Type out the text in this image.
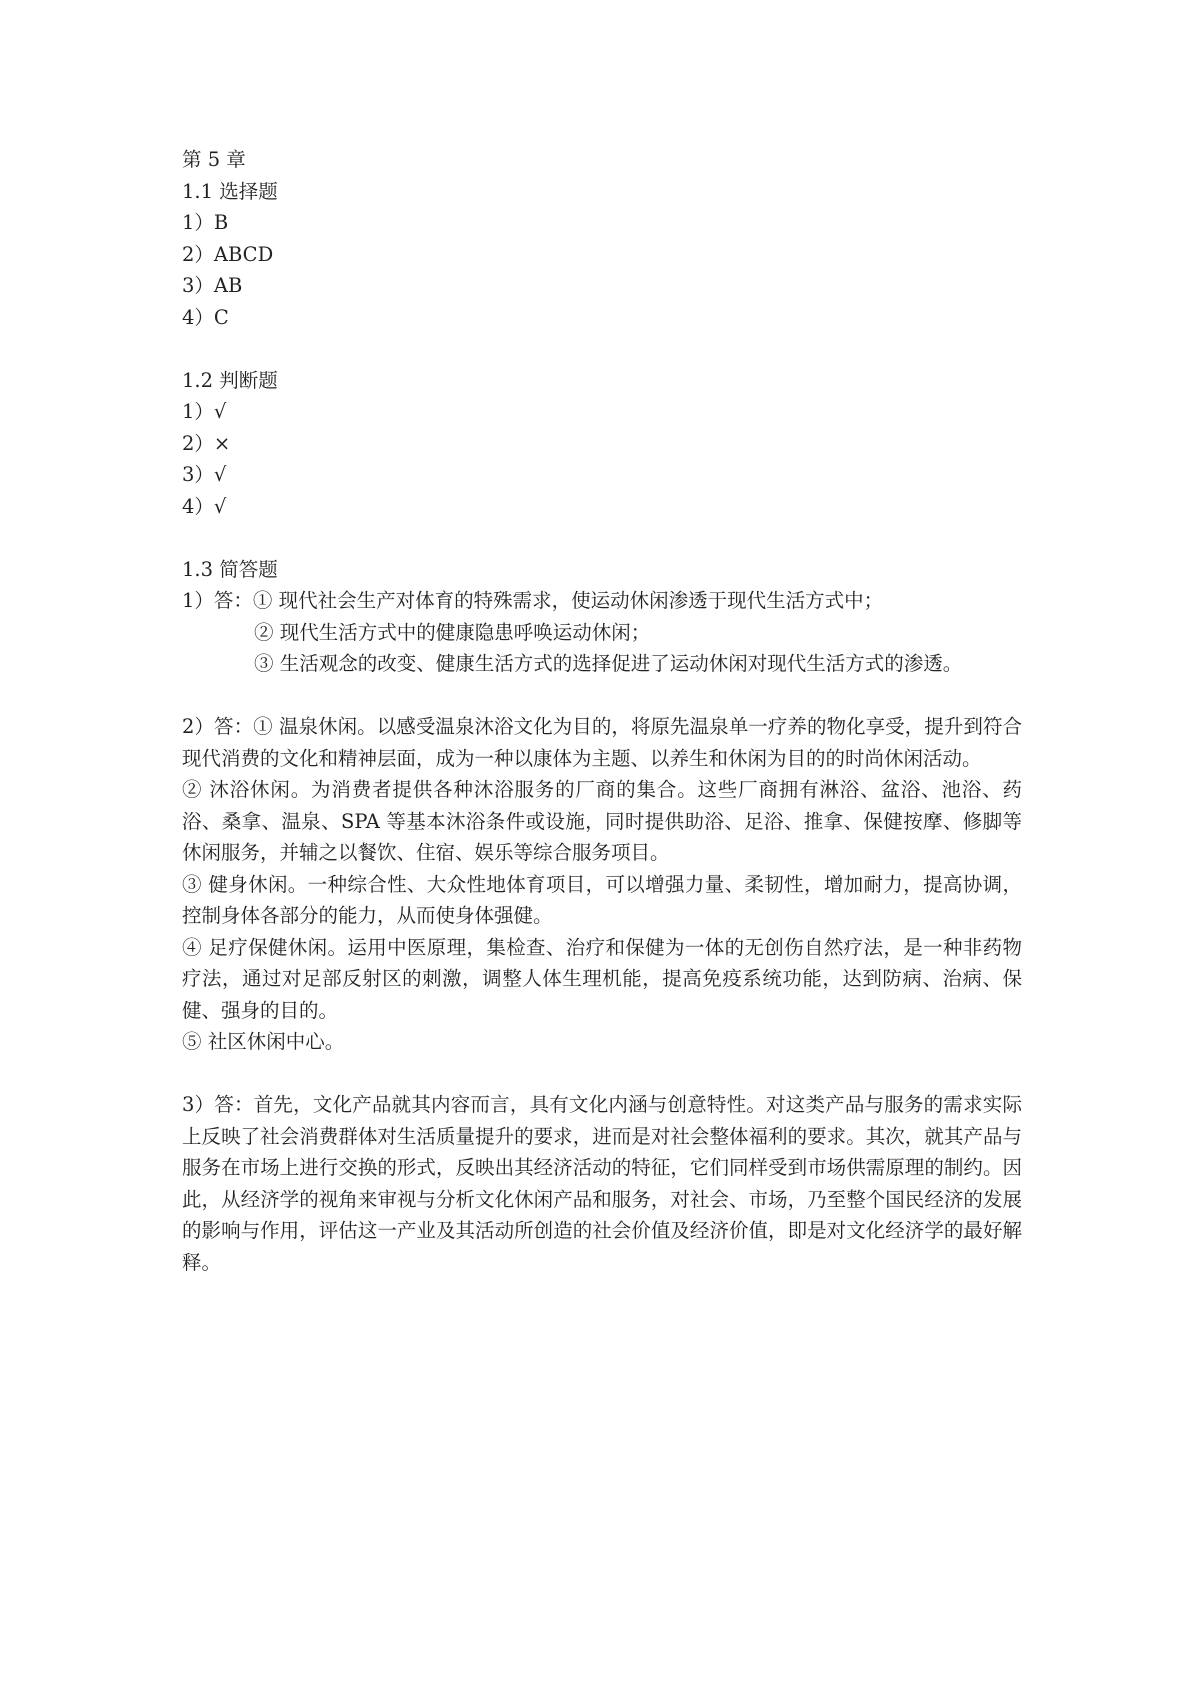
第 5 章
1.1 选择题
1）B
2）ABCD
3）AB
4）C
1.2 判断题
1）√
2）×
3）√
4）√
1.3 简答题
1）答：① 现代社会生产对体育的特殊需求，使运动休闲渗透于现代生活方式中；
② 现代生活方式中的健康隐患呼唤运动休闲；
③ 生活观念的改变、健康生活方式的选择促进了运动休闲对现代生活方式的渗透。
2）答：① 温泉休闲。以感受温泉沐浴文化为目的，将原先温泉单一疗养的物化享受，提升到符合现代消费的文化和精神层面，成为一种以康体为主题、以养生和休闲为目的的时尚休闲活动。
② 沐浴休闲。为消费者提供各种沐浴服务的厂商的集合。这些厂商拥有淋浴、盆浴、池浴、药浴、桑拿、温泉、SPA 等基本沐浴条件或设施，同时提供助浴、足浴、推拿、保健按摩、修脚等休闲服务，并辅之以餐饮、住宿、娱乐等综合服务项目。
③ 健身休闲。一种综合性、大众性地体育项目，可以增强力量、柔韧性，增加耐力，提高协调，控制身体各部分的能力，从而使身体强健。
④ 足疗保健休闲。运用中医原理，集检查、治疗和保健为一体的无创伤自然疗法，是一种非药物疗法，通过对足部反射区的刺激，调整人体生理机能，提高免疫系统功能，达到防病、治病、保健、强身的目的。
⑤ 社区休闲中心。
3）答：首先，文化产品就其内容而言，具有文化内涵与创意特性。对这类产品与服务的需求实际上反映了社会消费群体对生活质量提升的要求，进而是对社会整体福利的要求。其次，就其产品与服务在市场上进行交换的形式，反映出其经济活动的特征，它们同样受到市场供需原理的制约。因此，从经济学的视角来审视与分析文化休闲产品和服务，对社会、市场，乃至整个国民经济的发展的影响与作用，评估这一产业及其活动所创造的社会价值及经济价值，即是对文化经济学的最好解释。
